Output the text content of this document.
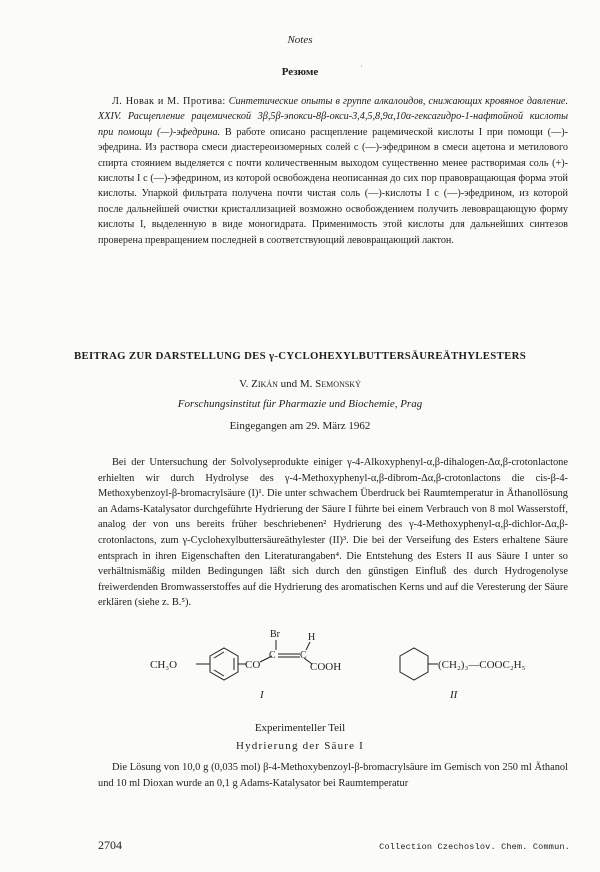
Notes
Резюме	·
Л. Новак и М. Протива: Синтетические опыты в группе алкалоидов, снижающих кровяное давление. XXIV. Расщепление рацемической 3β,5β-эпокси-8β-окси-3,4,5,8,9α,10α-гексагидро-1-нафтойной кислоты при помощи (—)-эфедрина. В работе описано расщепление рацемической кислоты I при помощи (—)-эфедрина. Из раствора смеси диастереоизомерных солей с (—)-эфедрином в смеси ацетона и метилового спирта стоянием выделяется с почти количественным выходом существенно менее растворимая соль (+)-кислоты I с (—)-эфедрином, из которой освобождена неописанная до сих пор правовращающая форма этой кислоты. Упаркой фильтрата получена почти чистая соль (—)-кислоты I с (—)-эфедрином, из которой после дальнейшей очистки кристаллизацией возможно освобождением получить левовращающую форму кислоты I, выделенную в виде моногидрата. Применимость этой кислоты для дальнейших синтезов проверена превращением последней в соответствующий левовращающий лактон.
BEITRAG ZUR DARSTELLUNG DES γ-CYCLOHEXYLBUTTERSÄUREÄTHYLESTERS
V. Zikán und M. Semonský
Forschungsinstitut für Pharmazie und Biochemie, Prag
Eingegangen am 29. März 1962
Bei der Untersuchung der Solvolyseprodukte einiger γ-4-Alkoxyphenyl-α,β-dihalogen-Δα,β-crotonlactone erhielten wir durch Hydrolyse des γ-4-Methoxyphenyl-α,β-dibrom-Δα,β-crotonlactons die cis-β-4-Methoxybenzoyl-β-bromacrylsäure (I)¹. Die unter schwachem Überdruck bei Raumtemperatur in Äthanollösung an Adams-Katalysator durchgeführte Hydrierung der Säure I führte bei einem Verbrauch von 8 mol Wasserstoff, analog der von uns bereits früher beschriebenen² Hydrierung des γ-4-Methoxyphenyl-α,β-dichlor-Δα,β-crotonlactons, zum γ-Cyclohexylbuttersäureäthylester (II)³. Die bei der Verseifung des Esters erhaltene Säure entsprach in ihren Eigenschaften den Literaturangaben⁴. Die Entstehung des Esters II aus Säure I unter so verhältnismäßig milden Bedingungen läßt sich durch den günstigen Einfluß des durch Hydrogenolyse freiwerdenden Bromwasserstoffes auf die Hydrierung des aromatischen Kerns und auf die Veresterung der Säure erklären (siehe z. B.⁵).
CH₃O	CO
C C
Br	H
COOH
I
(CH₂)₃—COOC₂H₅
II
Experimenteller Teil
Hydrierung der Säure I
Die Lösung von 10,0 g (0,035 mol) β-4-Methoxybenzoyl-β-bromacrylsäure im Gemisch von 250 ml Äthanol und 10 ml Dioxan wurde an 0,1 g Adams-Katalysator bei Raumtemperatur
2704	Collection Czechoslov. Chem. Commun.
